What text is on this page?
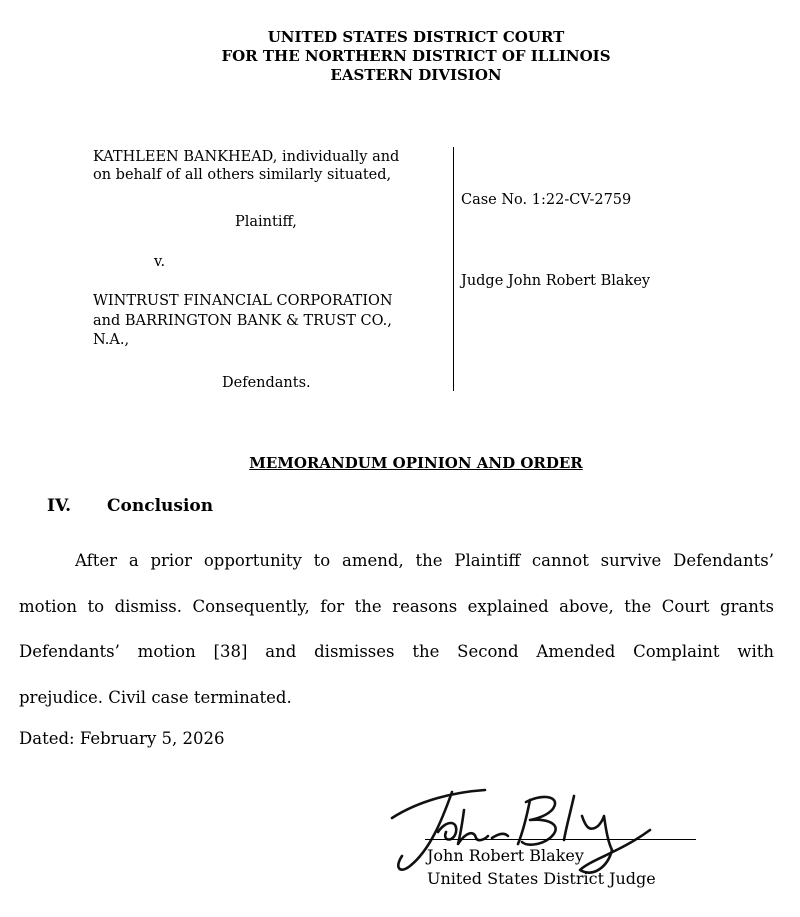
UNITED STATES DISTRICT COURT
FOR THE NORTHERN DISTRICT OF ILLINOIS
EASTERN DIVISION
KATHLEEN BANKHEAD, individually and
on behalf of all others similarly situated,
Plaintiff,
v.
WINTRUST FINANCIAL CORPORATION
and BARRINGTON BANK & TRUST CO.,
N.A.,
Defendants.
Case No. 1:22-CV-2759
Judge John Robert Blakey
MEMORANDUM OPINION AND ORDER
IV. Conclusion
After a prior opportunity to amend, the Plaintiff cannot survive Defendants’
motion to dismiss. Consequently, for the reasons explained above, the Court grants
Defendants’ motion [38] and dismisses the Second Amended Complaint with
prejudice. Civil case terminated.
Dated: February 5, 2026
John Robert Blakey
United States District Judge
